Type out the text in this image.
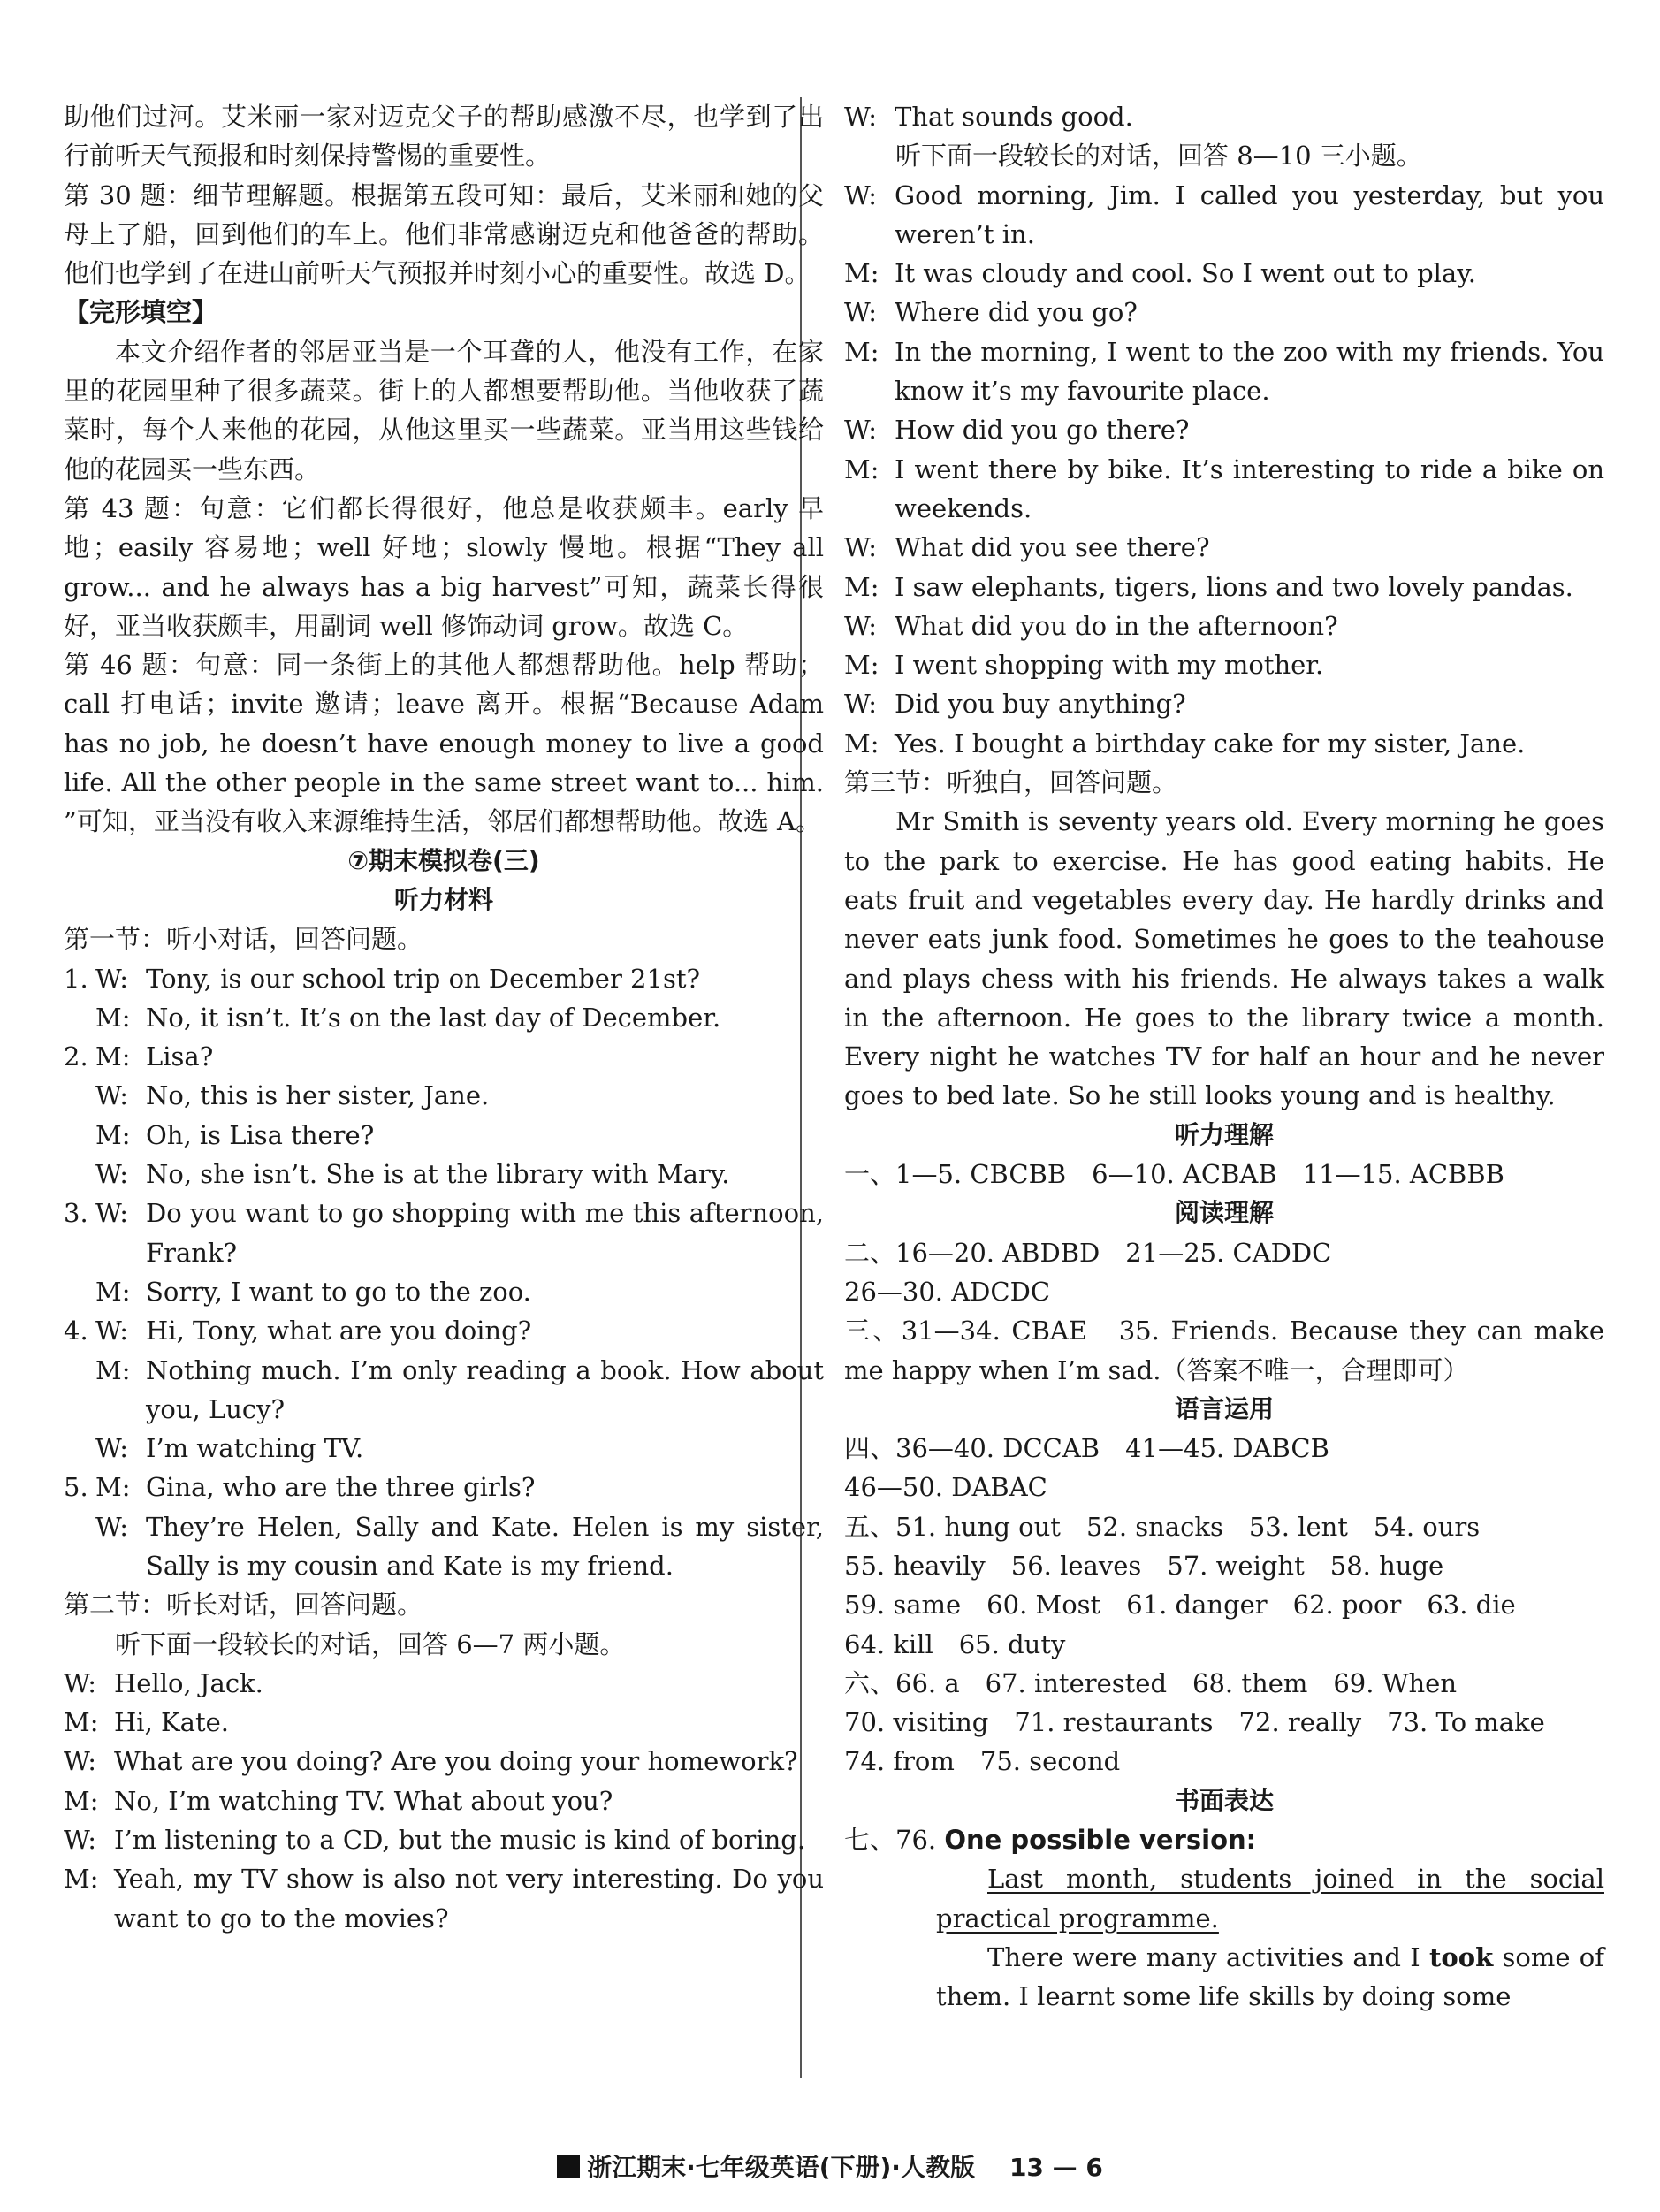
助他们过河。艾米丽一家对迈克父子的帮助感激不尽，也学到了出行前听天气预报和时刻保持警惕的重要性。

第 30 题：细节理解题。根据第五段可知：最后，艾米丽和她的父母上了船，回到他们的车上。他们非常感谢迈克和他爸爸的帮助。他们也学到了在进山前听天气预报并时刻小心的重要性。故选 D。

【完形填空】

本文介绍作者的邻居亚当是一个耳聋的人，他没有工作，在家里的花园里种了很多蔬菜。街上的人都想要帮助他。当他收获了蔬菜时，每个人来他的花园，从他这里买一些蔬菜。亚当用这些钱给他的花园买一些东西。

第 43 题：句意：它们都长得很好，他总是收获颇丰。early 早地；easily 容易地；well 好地；slowly 慢地。根据“They all grow... and he always has a big harvest”可知，蔬菜长得很好，亚当收获颇丰，用副词 well 修饰动词 grow。故选 C。

第 46 题：句意：同一条街上的其他人都想帮助他。help 帮助；call 打电话；invite 邀请；leave 离开。根据“Because Adam has no job, he doesn’t have enough money to live a good life. All the other people in the same street want to... him. ”可知，亚当没有收入来源维持生活，邻居们都想帮助他。故选 A。

⑦期末模拟卷(三)

听力材料

第一节：听小对话，回答问题。

1. W: Tony, is our school trip on December 21st?
M: No, it isn’t. It’s on the last day of December.
2. M: Lisa?
W: No, this is her sister, Jane.
M: Oh, is Lisa there?
W: No, she isn’t. She is at the library with Mary.
3. W: Do you want to go shopping with me this afternoon, Frank?
M: Sorry, I want to go to the zoo.
4. W: Hi, Tony, what are you doing?
M: Nothing much. I’m only reading a book. How about you, Lucy?
W: I’m watching TV.
5. M: Gina, who are the three girls?
W: They’re Helen, Sally and Kate. Helen is my sister, Sally is my cousin and Kate is my friend.

第二节：听长对话，回答问题。

听下面一段较长的对话，回答 6—7 两小题。

W: Hello, Jack.
M: Hi, Kate.
W: What are you doing? Are you doing your homework?
M: No, I’m watching TV. What about you?
W: I’m listening to a CD, but the music is kind of boring.
M: Yeah, my TV show is also not very interesting. Do you want to go to the movies?
W: That sounds good.

听下面一段较长的对话，回答 8—10 三小题。

W: Good morning, Jim. I called you yesterday, but you weren’t in.
M: It was cloudy and cool. So I went out to play.
W: Where did you go?
M: In the morning, I went to the zoo with my friends. You know it’s my favourite place.
W: How did you go there?
M: I went there by bike. It’s interesting to ride a bike on weekends.
W: What did you see there?
M: I saw elephants, tigers, lions and two lovely pandas.
W: What did you do in the afternoon?
M: I went shopping with my mother.
W: Did you buy anything?
M: Yes. I bought a birthday cake for my sister, Jane.

第三节：听独白，回答问题。

Mr Smith is seventy years old. Every morning he goes to the park to exercise. He has good eating habits. He eats fruit and vegetables every day. He hardly drinks and never eats junk food. Sometimes he goes to the teahouse and plays chess with his friends. He always takes a walk in the afternoon. He goes to the library twice a month. Every night he watches TV for half an hour and he never goes to bed late. So he still looks young and is healthy.

听力理解

一、1—5. CBCBB　6—10. ACBAB　11—15. ACBBB

阅读理解

二、16—20. ABDBD　21—25. CADDC

26—30. ADCDC

三、31—34. CBAE　35. Friends. Because they can make me happy when I’m sad.（答案不唯一，合理即可）

语言运用

四、36—40. DCCAB　41—45. DABCB

46—50. DABAC

五、51. hung out　52. snacks　53. lent　54. ours

55. heavily　56. leaves　57. weight　58. huge

59. same　60. Most　61. danger　62. poor　63. die

64. kill　65. duty

六、66. a　67. interested　68. them　69. When

70. visiting　71. restaurants　72. really　73. To make

74. from　75. second

书面表达

七、76. One possible version:

Last month, students joined in the social practical programme.

There were many activities and I took some of them. I learnt some life skills by doing some

浙江期末·七年级英语(下册)·人教版 13 — 6
